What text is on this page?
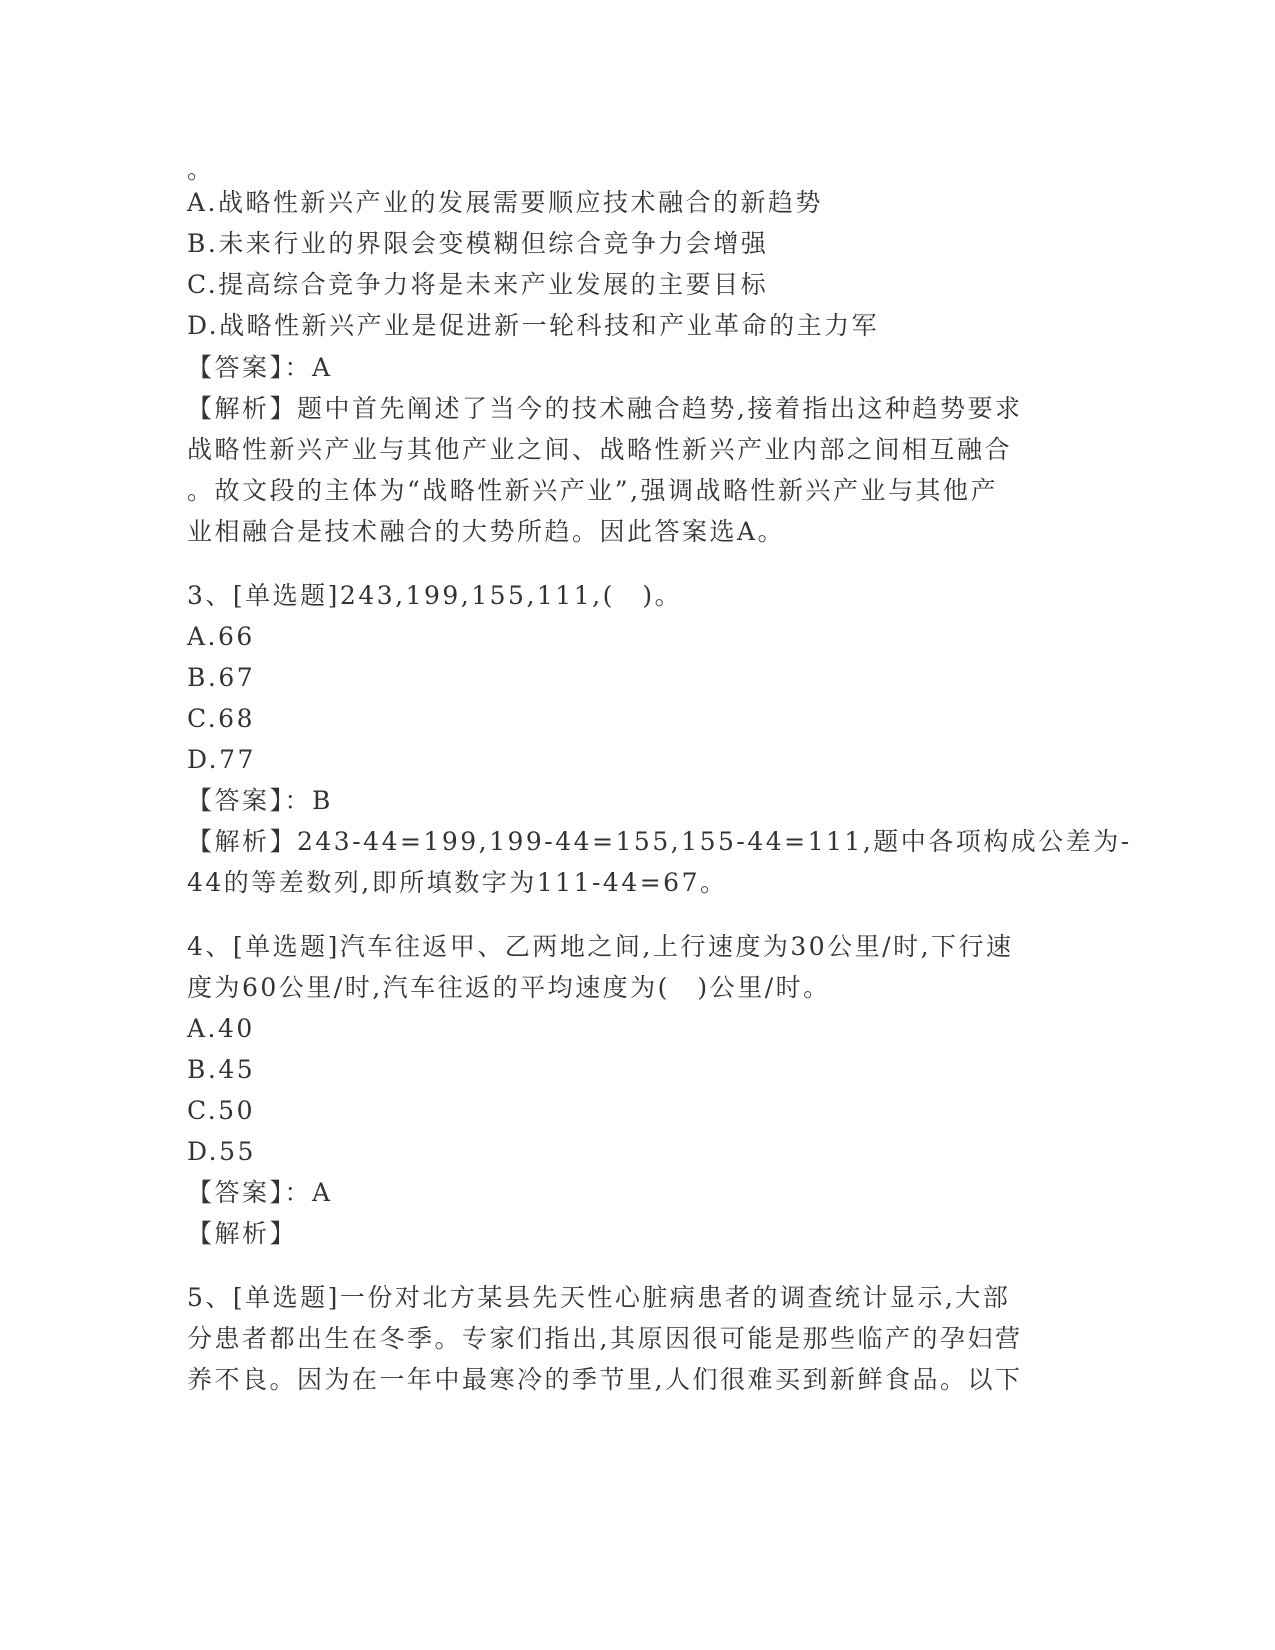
。
A.战略性新兴产业的发展需要顺应技术融合的新趋势
B.未来行业的界限会变模糊但综合竞争力会增强
C.提高综合竞争力将是未来产业发展的主要目标
D.战略性新兴产业是促进新一轮科技和产业革命的主力军
【答案】：A
【解析】题中首先阐述了当今的技术融合趋势,接着指出这种趋势要求
战略性新兴产业与其他产业之间、战略性新兴产业内部之间相互融合
。故文段的主体为“战略性新兴产业”,强调战略性新兴产业与其他产
业相融合是技术融合的大势所趋。因此答案选A。
3、[单选题]243,199,155,111,(　)。
A.66
B.67
C.68
D.77
【答案】：B
【解析】243-44=199,199-44=155,155-44=111,题中各项构成公差为-
44的等差数列,即所填数字为111-44=67。
4、[单选题]汽车往返甲、乙两地之间,上行速度为30公里/时,下行速
度为60公里/时,汽车往返的平均速度为(　)公里/时。
A.40
B.45
C.50
D.55
【答案】：A
【解析】
5、[单选题]一份对北方某县先天性心脏病患者的调查统计显示,大部
分患者都出生在冬季。专家们指出,其原因很可能是那些临产的孕妇营
养不良。因为在一年中最寒冷的季节里,人们很难买到新鲜食品。以下
